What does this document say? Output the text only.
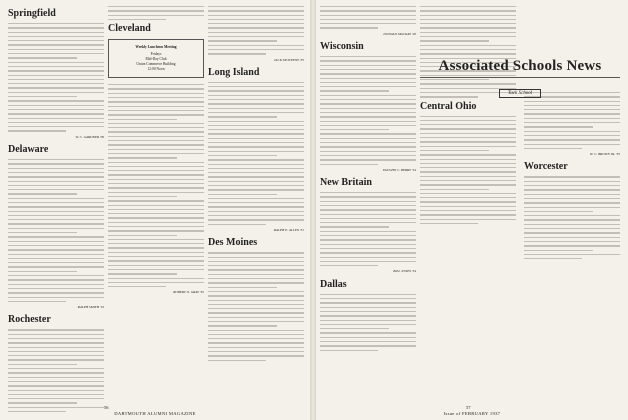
Springfield
W. C. GARDNER '09
Delaware
RALPH SMITH '19
Rochester
Cleveland
Weekly Luncheon Meeting
Fridays
Mid-Day Club
Union Commerce Building
12:00 Noon
ROBERT O. GRAY '32
JACK MCWEENY '35
Long Island
RALPH E. ALLEN '31
Des Moines
56
DARTMOUTH ALUMNI MAGAZINE
DONALD MACKAY '20
Wisconsin
VAUGHN C. BERRY '34
New Britain
BILL JONES '34
Dallas
Central Ohio
W. C. BROWN JR. '35
Worcester
Associated Schools News
Tuck School
57
Issue of FEBRUARY 1937
